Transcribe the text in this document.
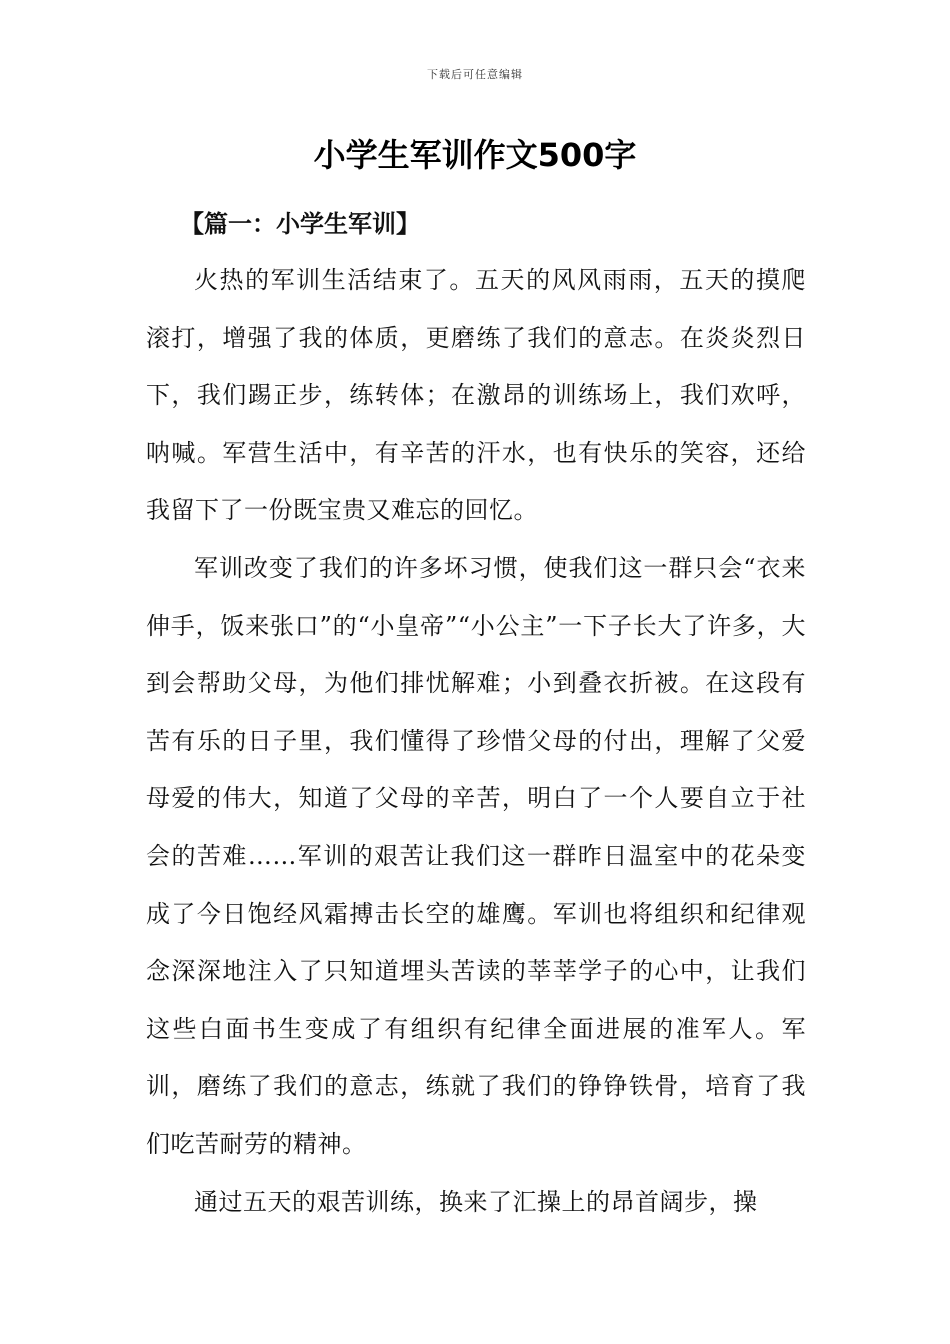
下载后可任意编辑
小学生军训作文500字
【篇一：小学生军训】

火热的军训生活结束了。五天的风风雨雨，五天的摸爬滚打，增强了我的体质，更磨练了我们的意志。在炎炎烈日下，我们踢正步，练转体；在激昂的训练场上，我们欢呼，呐喊。军营生活中，有辛苦的汗水，也有快乐的笑容，还给我留下了一份既宝贵又难忘的回忆。

军训改变了我们的许多坏习惯，使我们这一群只会“衣来伸手，饭来张口”的“小皇帝”“小公主”一下子长大了许多，大到会帮助父母，为他们排忧解难；小到叠衣折被。在这段有苦有乐的日子里，我们懂得了珍惜父母的付出，理解了父爱母爱的伟大，知道了父母的辛苦，明白了一个人要自立于社会的苦难……军训的艰苦让我们这一群昨日温室中的花朵变成了今日饱经风霜搏击长空的雄鹰。军训也将组织和纪律观念深深地注入了只知道埋头苦读的莘莘学子的心中，让我们这些白面书生变成了有组织有纪律全面进展的准军人。军训，磨练了我们的意志，练就了我们的铮铮铁骨，培育了我们吃苦耐劳的精神。

通过五天的艰苦训练，换来了汇操上的昂首阔步，操
